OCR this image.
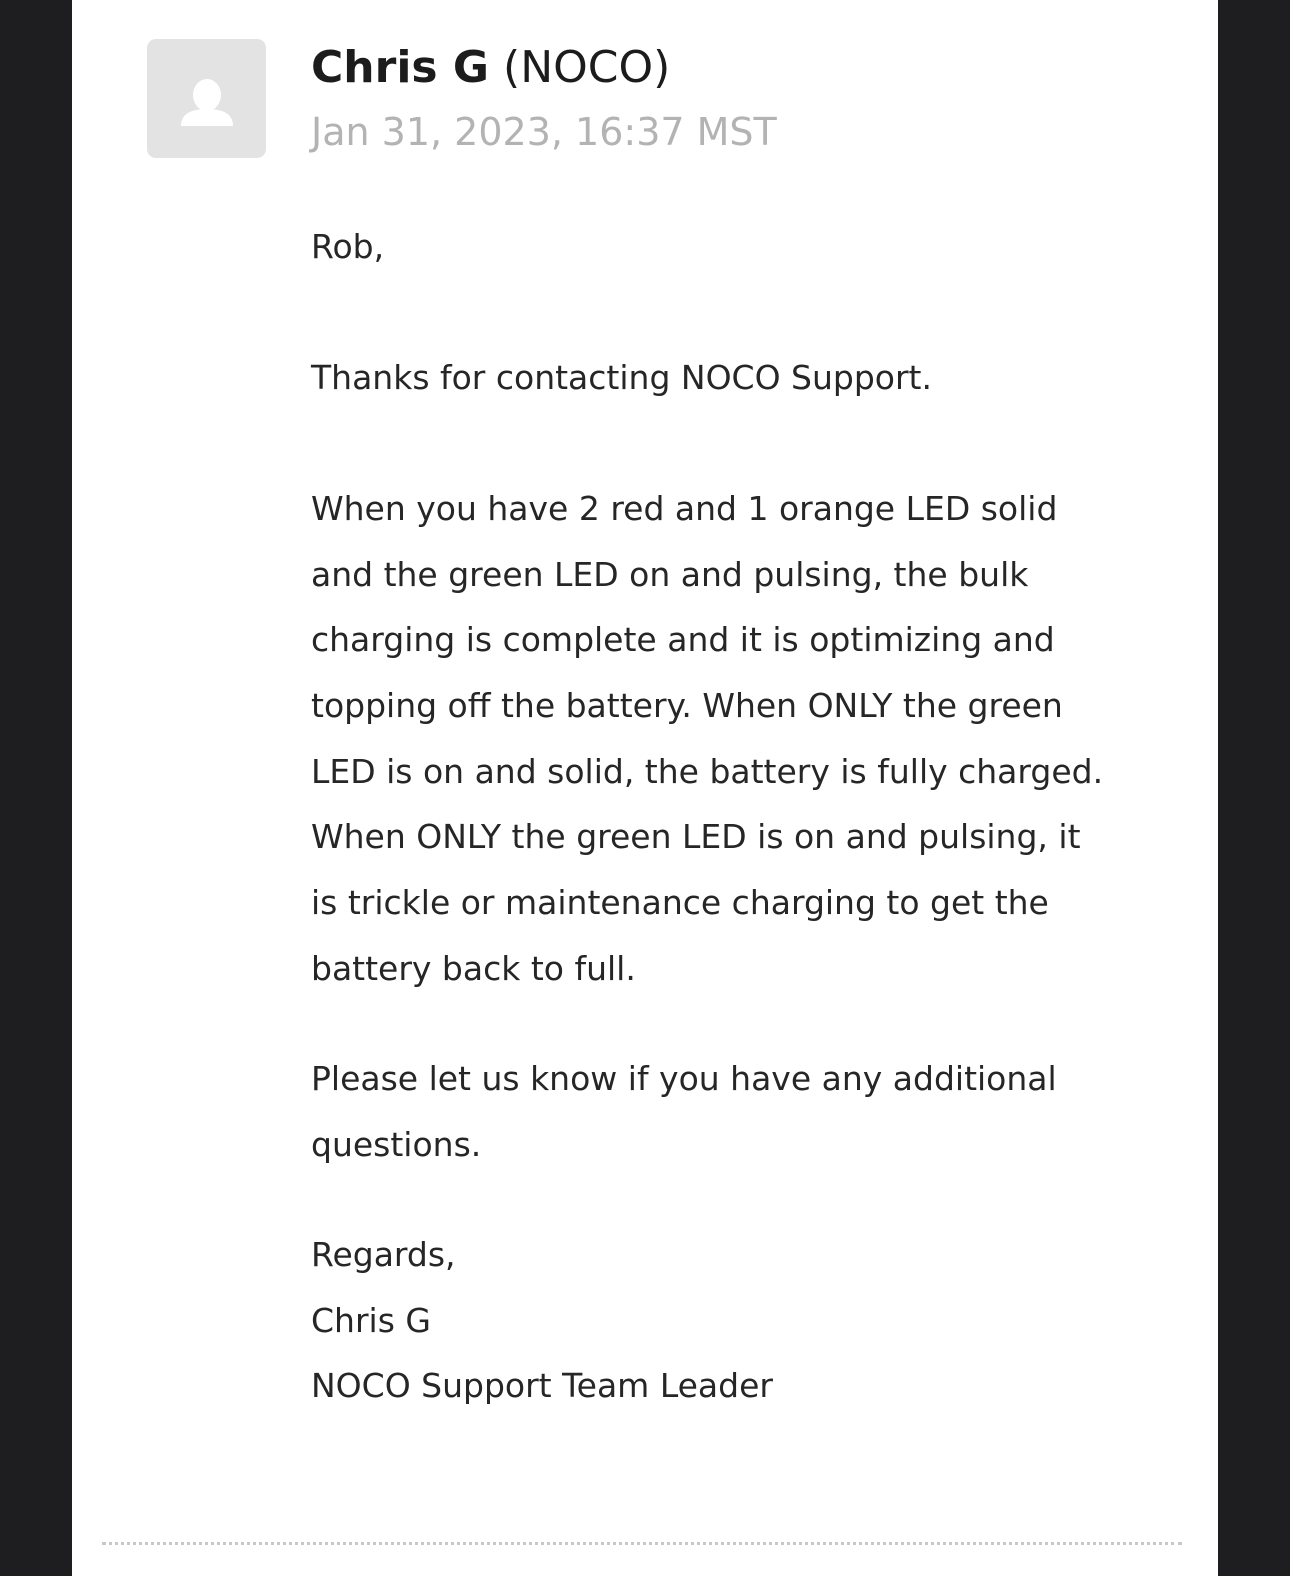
Chris G (NOCO)
Jan 31, 2023, 16:37 MST
Rob,
Thanks for contacting NOCO Support.
When you have 2 red and 1 orange LED solid
and the green LED on and pulsing, the bulk
charging is complete and it is optimizing and
topping off the battery. When ONLY the green
LED is on and solid, the battery is fully charged.
When ONLY the green LED is on and pulsing, it
is trickle or maintenance charging to get the
battery back to full.
Please let us know if you have any additional
questions.
Regards,
Chris G
NOCO Support Team Leader
